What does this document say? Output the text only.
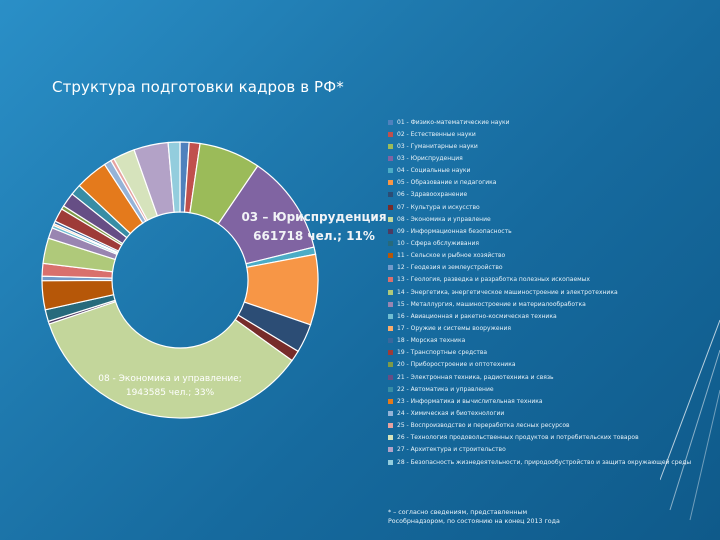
Структура подготовки кадров в РФ*
03 – Юриспруденция
661718 чел.; 11%
08 - Экономика и управление;
1943585 чел.; 33%
01 - Физико-математические науки
02 - Естественные науки
03 - Гуманитарные науки
03 - Юриспруденция
04 - Социальные науки
05 - Образование и педагогика
06 - Здравоохранение
07 - Культура и искусство
08 - Экономика и управление
09 - Информационная безопасность
10 - Сфера обслуживания
11 - Сельское и рыбное хозяйство
12 - Геодезия и землеустройство
13 - Геология, разведка и разработка полезных ископаемых
14 - Энергетика, энергетическое машиностроение и электротехника
15 - Металлургия, машиностроение и материалообработка
16 - Авиационная и ракетно-космическая техника
17 - Оружие и системы вооружения
18 - Морская техника
19 - Транспортные средства
20 - Приборостроение и оптотехника
21 - Электронная техника, радиотехника и связь
22 - Автоматика и управление
23 - Информатика и вычислительная техника
24 - Химическая и биотехнологии
25 - Воспроизводство и переработка лесных ресурсов
26 - Технология продовольственных продуктов и потребительских товаров
27 - Архитектура и строительство
28 - Безопасность жизнедеятельности, природообустройство и защита окружающей среды
* – согласно сведениям, представленным
Рособрнадзором, по состоянию на конец 2013 года
